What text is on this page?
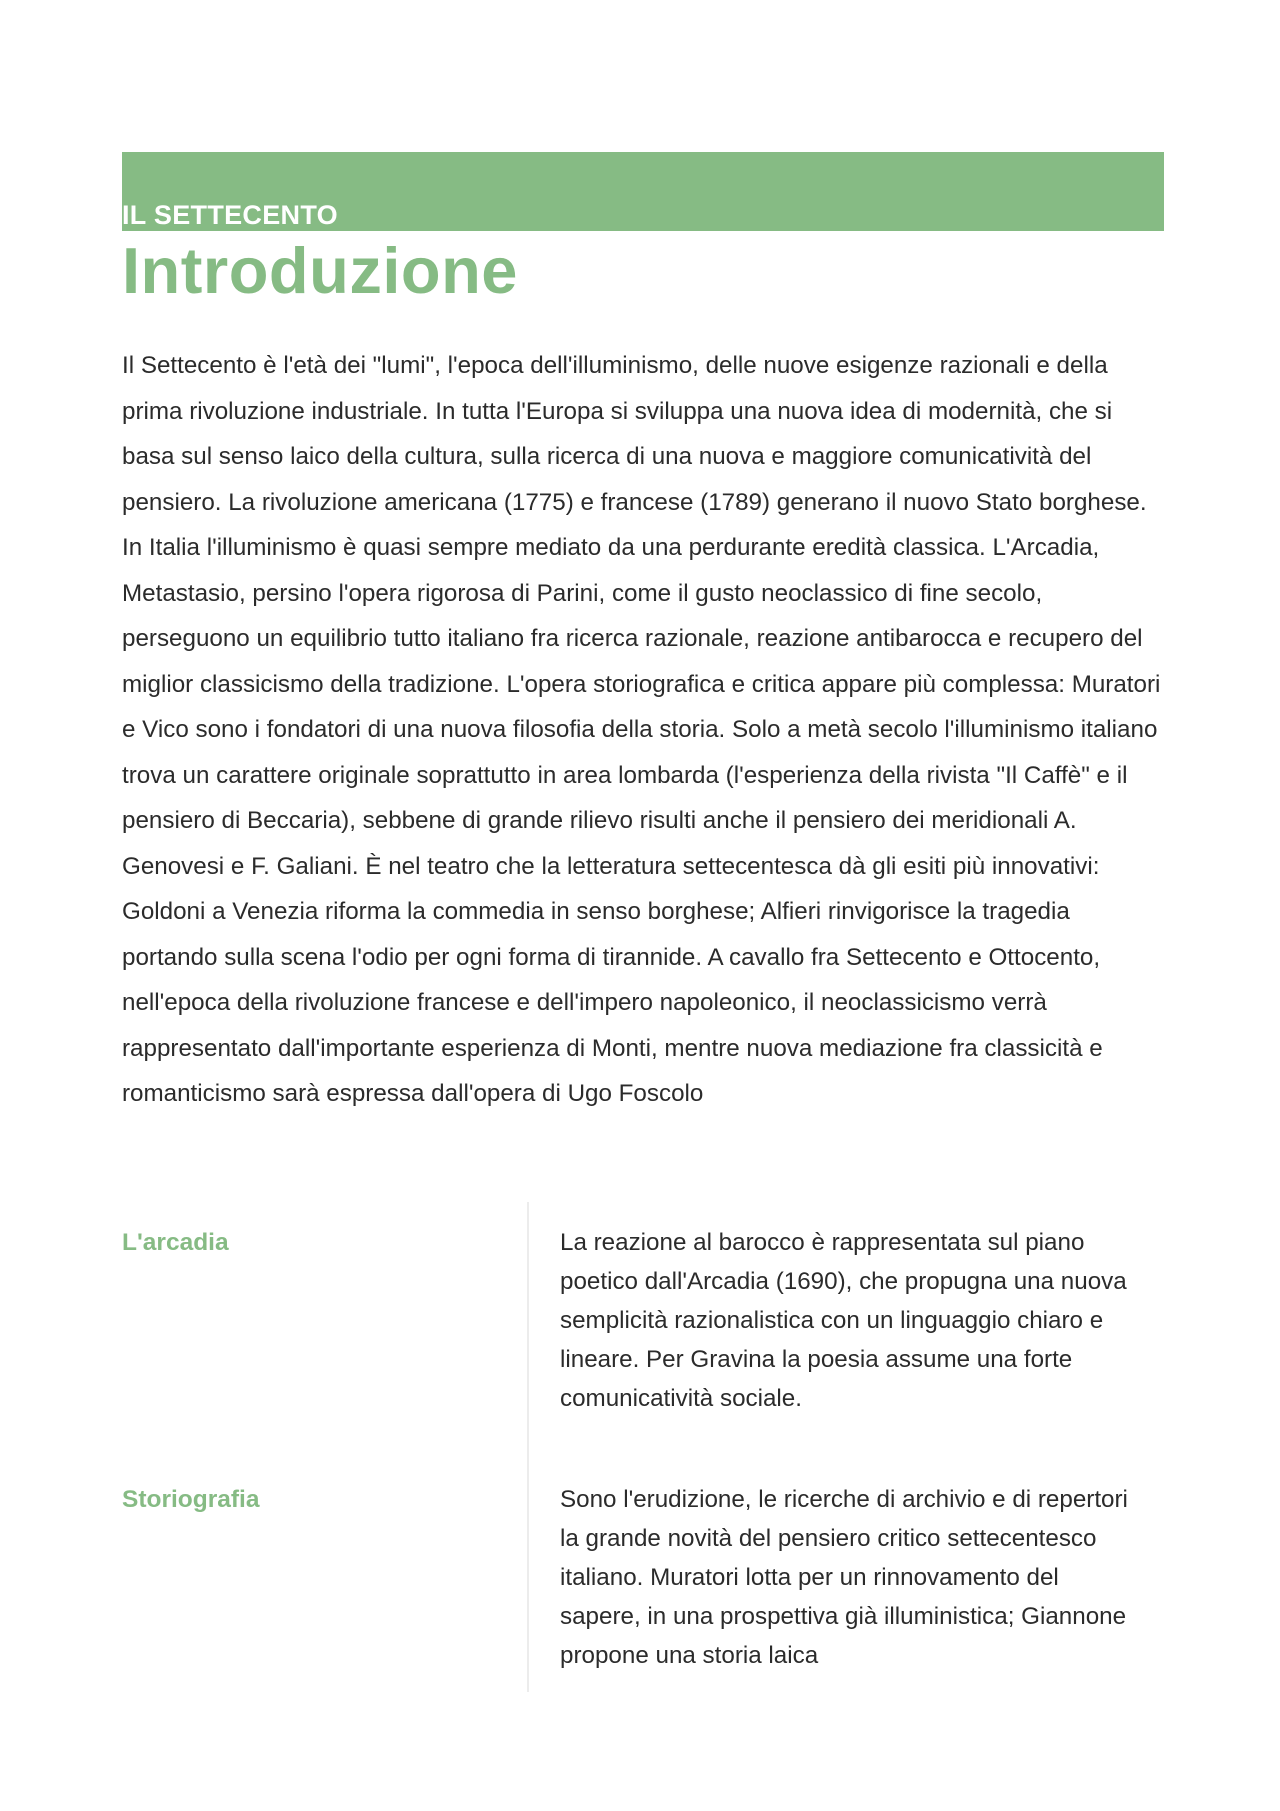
IL SETTECENTO
Introduzione

Il Settecento è l'età dei "lumi", l'epoca dell'illuminismo, delle nuove esigenze razionali e della prima rivoluzione industriale. In tutta l'Europa si sviluppa una nuova idea di modernità, che si basa sul senso laico della cultura, sulla ricerca di una nuova e maggiore comunicatività del pensiero. La rivoluzione americana (1775) e francese (1789) generano il nuovo Stato borghese. In Italia l'illuminismo è quasi sempre mediato da una perdurante eredità classica. L'Arcadia, Metastasio, persino l'opera rigorosa di Parini, come il gusto neoclassico di fine secolo, perseguono un equilibrio tutto italiano fra ricerca razionale, reazione antibarocca e recupero del miglior classicismo della tradizione. L'opera storiografica e critica appare più complessa: Muratori e Vico sono i fondatori di una nuova filosofia della storia. Solo a metà secolo l'illuminismo italiano trova un carattere originale soprattutto in area lombarda (l'esperienza della rivista "Il Caffè" e il pensiero di Beccaria), sebbene di grande rilievo risulti anche il pensiero dei meridionali A. Genovesi e F. Galiani. È nel teatro che la letteratura settecentesca dà gli esiti più innovativi: Goldoni a Venezia riforma la commedia in senso borghese; Alfieri rinvigorisce la tragedia portando sulla scena l'odio per ogni forma di tirannide. A cavallo fra Settecento e Ottocento, nell'epoca della rivoluzione francese e dell'impero napoleonico, il neoclassicismo verrà rappresentato dall'importante esperienza di Monti, mentre nuova mediazione fra classicità e romanticismo sarà espressa dall'opera di Ugo Foscolo

L'arcadia	La reazione al barocco è rappresentata sul piano poetico dall'Arcadia (1690), che propugna una nuova semplicità razionalistica con un linguaggio chiaro e lineare. Per Gravina la poesia assume una forte comunicatività sociale.

Storiografia	Sono l'erudizione, le ricerche di archivio e di repertori la grande novità del pensiero critico settecentesco italiano. Muratori lotta per un rinnovamento del sapere, in una prospettiva già illuministica; Giannone propone una storia laica
